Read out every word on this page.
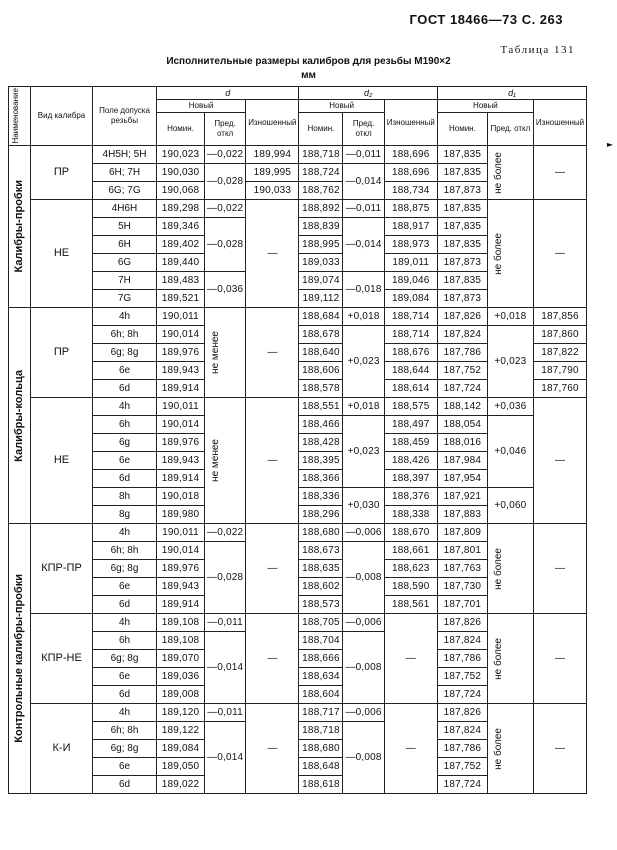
ГОСТ 18466—73 С. 263
Таблица 131
Исполнительные размеры калибров для резьбы M190×2
мм
►
Наименование	Вид калибра	Поле допуска резьбы	d			d₂			d₁		
			Новый		Изношенный	Новый		Изношенный	Новый		Изношенный
			Номин.	Пред. откл		Номин.	Пред. откл		Номин.	Пред. откл	

Калибры-пробки	ПР	4H5H; 5H	190,023	—0,022	189,994	188,718	—0,011	188,696	187,835	не более	—
		6H; 7H	190,030	—0,028	189,995	188,724	—0,014	188,696	187,835		
		6G; 7G	190,068		190,033	188,762		188,734	187,873		
	НЕ	4H6H	189,298	—0,022	—	188,892	—0,011	188,875	187,835	не более	—
		5H	189,346	—0,028		188,839	—0,014	188,917	187,835		
		6H	189,402			188,995		188,973	187,835		
		6G	189,440			189,033		189,011	187,873		
		7H	189,483	—0,036		189,074	—0,018	189,046	187,835		
		7G	189,521			189,112		189,084	187,873		

Калибры-кольца	ПР	4h	190,011	не менее	—	188,684	+0,018	188,714	187,826	+0,018	187,856
		6h; 8h	190,014			188,678	+0,023	188,714	187,824	+0,023	187,860
		6g; 8g	189,976			188,640		188,676	187,786		187,822
		6e	189,943			188,606		188,644	187,752		187,790
		6d	189,914			188,578		188,614	187,724		187,760
	НЕ	4h	190,011	не менее	—	188,551	+0,018	188,575	188,142	+0,036	—
		6h	190,014			188,466	+0,023	188,497	188,054	+0,046	
		6g	189,976			188,428		188,459	188,016		
		6e	189,943			188,395		188,426	187,984		
		6d	189,914			188,366		188,397	187,954		
		8h	190,018			188,336	+0,030	188,376	187,921	+0,060	
		8g	189,980			188,296		188,338	187,883		

Контрольные калибры-пробки	КПР-ПР	4h	190,011	—0,022	—	188,680	—0,006	188,670	187,809	не более	—
		6h; 8h	190,014	—0,028		188,673	—0,008	188,661	187,801		
		6g; 8g	189,976			188,635		188,623	187,763		
		6e	189,943			188,602		188,590	187,730		
		6d	189,914			188,573		188,561	187,701		
	КПР-НЕ	4h	189,108	—0,011	—	188,705	—0,006	—	187,826	не более	—
		6h	189,108	—0,014		188,704	—0,008		187,824		
		6g; 8g	189,070			188,666			187,786		
		6e	189,036			188,634			187,752		
		6d	189,008			188,604			187,724		
	К-И	4h	189,120	—0,011	—	188,717	—0,006	—	187,826	не более	—
		6h; 8h	189,122	—0,014		188,718	—0,008		187,824		
		6g; 8g	189,084			188,680			187,786		
		6e	189,050			188,648			187,752		
		6d	189,022			188,618			187,724		
